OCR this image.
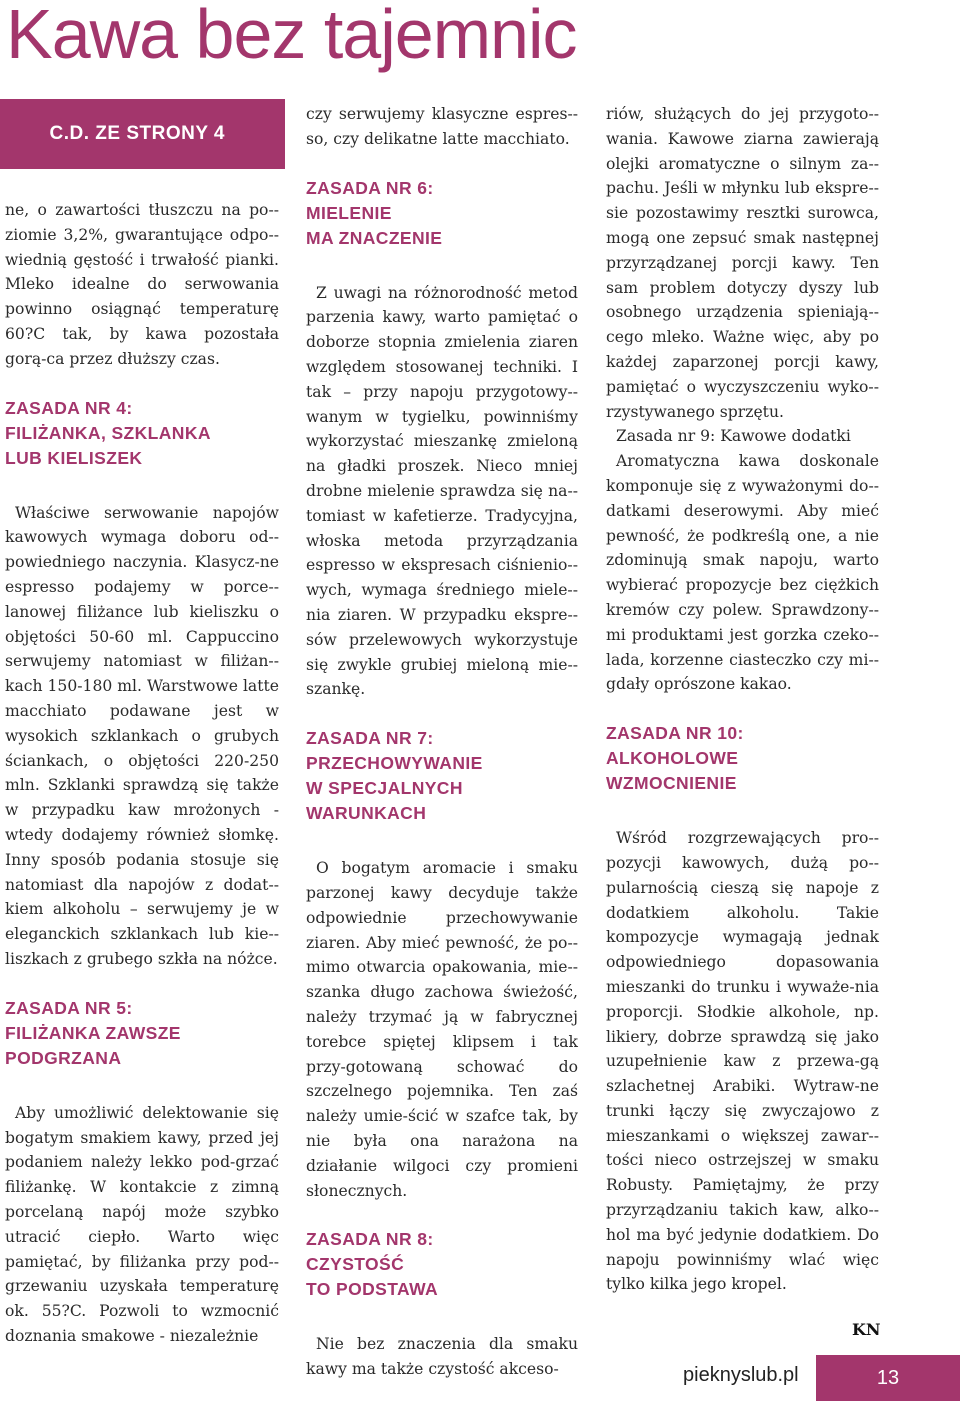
Kawa bez tajemnic
C.D. ZE STRONY 4

ne, o zawartości tłuszczu na po-ziomie 3,2%, gwarantujące odpo-wiednią gęstość i trwałość pianki. Mleko idealne do serwowania powinno osiągnąć temperaturę 60?C tak, by kawa pozostała gorą-ca przez dłuższy czas.

ZASADA NR 4:
FILIŻANKA, SZKLANKA
LUB KIELISZEK

Właściwe serwowanie napojów kawowych wymaga doboru od-powiedniego naczynia. Klasycz-ne espresso podajemy w porce-lanowej filiżance lub kieliszku o objętości 50-60 ml. Cappuccino serwujemy natomiast w filiżan-kach 150-180 ml. Warstwowe latte macchiato podawane jest w wysokich szklankach o grubych ściankach, o objętości 220-250 mln. Szklanki sprawdzą się także w przypadku kaw mrożonych - wtedy dodajemy również słomkę. Inny sposób podania stosuje się natomiast dla napojów z dodat-kiem alkoholu – serwujemy je w eleganckich szklankach lub kie-liszkach z grubego szkła na nóżce.

ZASADA NR 5:
FILIŻANKA ZAWSZE
PODGRZANA

Aby umożliwić delektowanie się bogatym smakiem kawy, przed jej podaniem należy lekko pod-grzać filiżankę. W kontakcie z zimną porcelaną napój może szybko utracić ciepło. Warto więc pamiętać, by filiżanka przy pod-grzewaniu uzyskała temperaturę ok. 55?C. Pozwoli to wzmocnić doznania smakowe - niezależnie

czy serwujemy klasyczne espres-so, czy delikatne latte macchiato.

ZASADA NR 6:
MIELENIE
MA ZNACZENIE

Z uwagi na różnorodność metod parzenia kawy, warto pamiętać o doborze stopnia zmielenia ziaren względem stosowanej techniki. I tak – przy napoju przygotowy-wanym w tygielku, powinniśmy wykorzystać mieszankę zmieloną na gładki proszek. Nieco mniej drobne mielenie sprawdza się na-tomiast w kafetierze. Tradycyjna, włoska metoda przyrządzania espresso w ekspresach ciśnienio-wych, wymaga średniego miele-nia ziaren. W przypadku ekspre-sów przelewowych wykorzystuje się zwykle grubiej mieloną mie-szankę.

ZASADA NR 7:
PRZECHOWYWANIE
W SPECJALNYCH
WARUNKACH

O bogatym aromacie i smaku parzonej kawy decyduje także odpowiednie przechowywanie ziaren. Aby mieć pewność, że po-mimo otwarcia opakowania, mie-szanka długo zachowa świeżość, należy trzymać ją w fabrycznej torebce spiętej klipsem i tak przy-gotowaną schować do szczelnego pojemnika. Ten zaś należy umie-ścić w szafce tak, by nie była ona narażona na działanie wilgoci czy promieni słonecznych.

ZASADA NR 8:
CZYSTOŚĆ
TO PODSTAWA

Nie bez znaczenia dla smaku kawy ma także czystość akceso-

riów, służących do jej przygoto-wania. Kawowe ziarna zawierają olejki aromatyczne o silnym za-pachu. Jeśli w młynku lub ekspre-sie pozostawimy resztki surowca, mogą one zepsuć smak następnej przyrządzanej porcji kawy. Ten sam problem dotyczy dyszy lub osobnego urządzenia spieniają-cego mleko. Ważne więc, aby po każdej zaparzonej porcji kawy, pamiętać o wyczyszczeniu wyko-rzystywanego sprzętu.

Zasada nr 9: Kawowe dodatki

Aromatyczna kawa doskonale komponuje się z wyważonymi do-datkami deserowymi. Aby mieć pewność, że podkreślą one, a nie zdominują smak napoju, warto wybierać propozycje bez ciężkich kremów czy polew. Sprawdzony-mi produktami jest gorzka czeko-lada, korzenne ciasteczko czy mi-gdały oprószone kakao.

ZASADA NR 10:
ALKOHOLOWE
WZMOCNIENIE

Wśród rozgrzewających pro-pozycji kawowych, dużą po-pularnością cieszą się napoje z dodatkiem alkoholu. Takie kompozycje wymagają jednak odpowiedniego dopasowania mieszanki do trunku i wyważe-nia proporcji. Słodkie alkohole, np. likiery, dobrze sprawdzą się jako uzupełnienie kaw z przewa-gą szlachetnej Arabiki. Wytraw-ne trunki łączy się zwyczajowo z mieszankami o większej zawar-tości nieco ostrzejszej w smaku Robusty. Pamiętajmy, że przy przyrządzaniu takich kaw, alko-hol ma być jedynie dodatkiem. Do napoju powinniśmy wlać więc tylko kilka jego kropel.

KN
pieknyslub.pl	13
